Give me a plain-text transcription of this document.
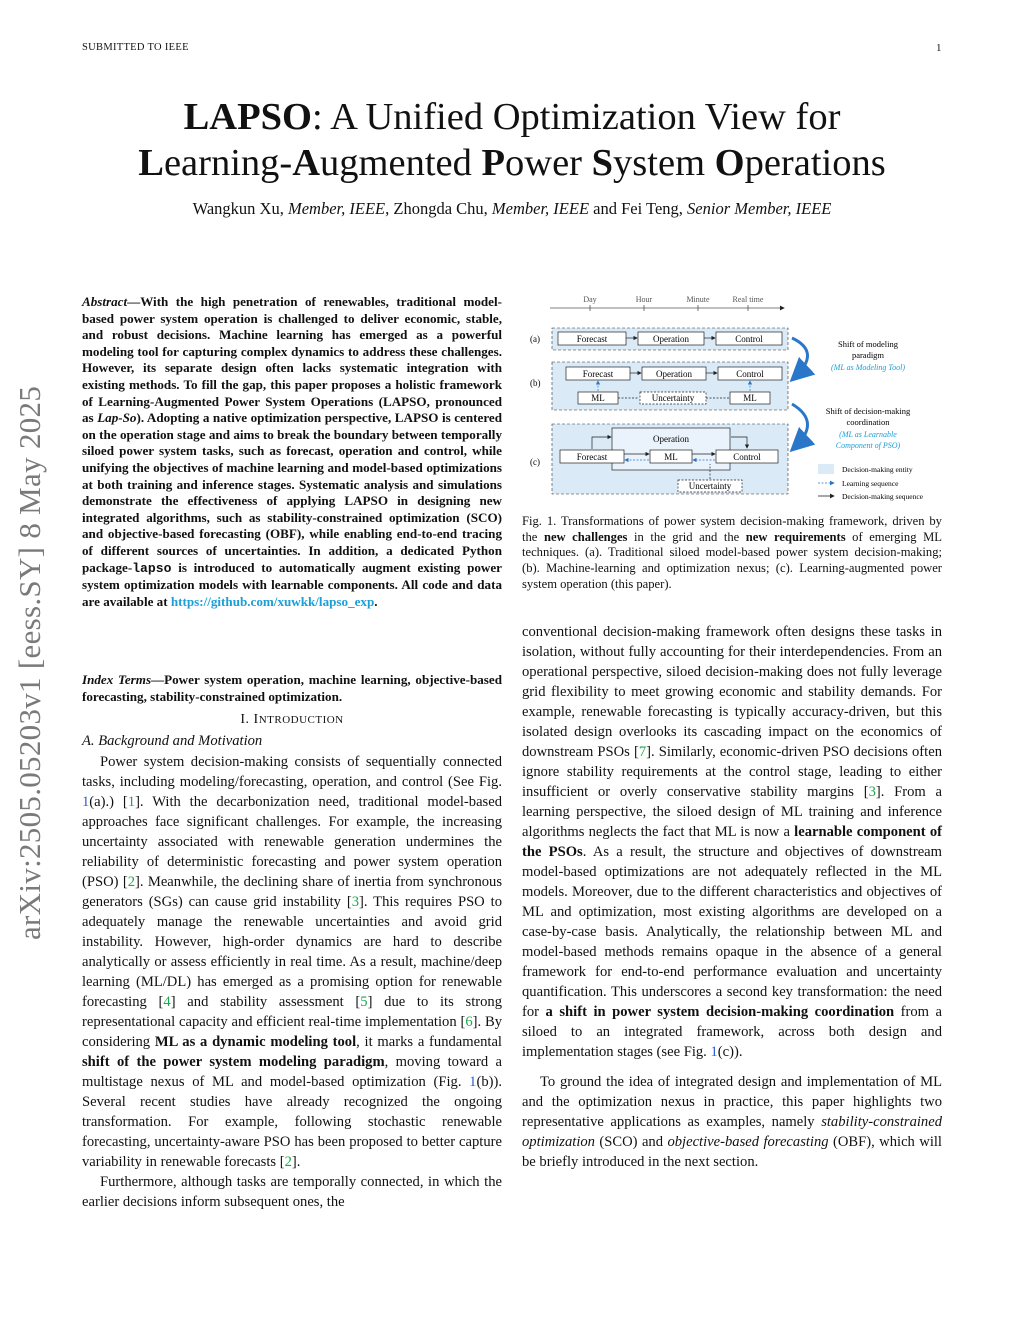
SUBMITTED TO IEEE	1
LAPSO: A Unified Optimization View for
Learning-Augmented Power System Operations
Wangkun Xu, Member, IEEE, Zhongda Chu, Member, IEEE and Fei Teng, Senior Member, IEEE
arXiv:2505.05203v1 [eess.SY] 8 May 2025
Abstract—With the high penetration of renewables, traditional model-based power system operation is challenged to deliver economic, stable, and robust decisions. Machine learning has emerged as a powerful modeling tool for capturing complex dynamics to address these challenges. However, its separate design often lacks systematic integration with existing methods. To fill the gap, this paper proposes a holistic framework of Learning-Augmented Power System Operations (LAPSO, pronounced as Lap-So). Adopting a native optimization perspective, LAPSO is centered on the operation stage and aims to break the boundary between temporally siloed power system tasks, such as forecast, operation and control, while unifying the objectives of machine learning and model-based optimizations at both training and inference stages. Systematic analysis and simulations demonstrate the effectiveness of applying LAPSO in designing new integrated algorithms, such as stability-constrained optimization (SCO) and objective-based forecasting (OBF), while enabling end-to-end tracing of different sources of uncertainties. In addition, a dedicated Python package-lapso is introduced to automatically augment existing power system optimization models with learnable components. All code and data are available at https://github.com/xuwkk/lapso_exp.
Index Terms—Power system operation, machine learning, objective-based forecasting, stability-constrained optimization.
I. INTRODUCTION
A. Background and Motivation

Power system decision-making consists of sequentially connected tasks, including modeling/forecasting, operation, and control (See Fig. 1(a).) [1]. With the decarbonization need, traditional model-based approaches face significant challenges. For example, the increasing uncertainty associated with renewable generation undermines the reliability of deterministic forecasting and power system operation (PSO) [2]. Meanwhile, the declining share of inertia from synchronous generators (SGs) can cause grid instability [3]. This requires PSO to adequately manage the renewable uncertainties and avoid grid instability. However, high-order dynamics are hard to describe analytically or assess efficiently in real time. As a result, machine/deep learning (ML/DL) has emerged as a promising option for renewable forecasting [4] and stability assessment [5] due to its strong representational capacity and efficient real-time implementation [6]. By considering ML as a dynamic modeling tool, it marks a fundamental shift of the power system modeling paradigm, moving toward a multistage nexus of ML and model-based optimization (Fig. 1(b)). Several recent studies have already recognized the ongoing transformation. For example, following stochastic renewable forecasting, uncertainty-aware PSO has been proposed to better capture variability in renewable forecasts [2].

Furthermore, although tasks are temporally connected, in which the earlier decisions inform subsequent ones, the

Day	Hour	Minute	Real time
(a)
(b)
(c)
Forecast	Operation	Control
Forecast	Operation	Control
ML	Uncertainty	ML
Operation
Forecast	ML	Control
Uncertainty
Shift of modeling
paradigm
(ML as Modeling Tool)
Shift of decision-making
coordination
(ML as Learnable
Component of PSO)
Decision-making entity
Learning sequence
Decision-making sequence
Fig. 1. Transformations of power system decision-making framework, driven by the new challenges in the grid and the new requirements of emerging ML techniques. (a). Traditional siloed model-based power system decision-making; (b). Machine-learning and optimization nexus; (c). Learning-augmented power system operation (this paper).

conventional decision-making framework often designs these tasks in isolation, without fully accounting for their interdependencies. From an operational perspective, siloed decision-making does not fully leverage grid flexibility to meet growing economic and stability demands. For example, renewable forecasting is typically accuracy-driven, but this isolated design overlooks its cascading impact on the economics of downstream PSOs [7]. Similarly, economic-driven PSO decisions often ignore stability requirements at the control stage, leading to either insufficient or overly conservative stability margins [3]. From a learning perspective, the siloed design of ML training and inference algorithms neglects the fact that ML is now a learnable component of the PSOs. As a result, the structure and objectives of downstream model-based optimizations are not adequately reflected in the ML models. Moreover, due to the different characteristics and objectives of ML and optimization, most existing algorithms are developed on a case-by-case basis. Analytically, the relationship between ML and model-based methods remains opaque in the absence of a general framework for end-to-end performance evaluation and uncertainty quantification. This underscores a second key transformation: the need for a shift in power system decision-making coordination from a siloed to an integrated framework, across both design and implementation stages (see Fig. 1(c)).

To ground the idea of integrated design and implementation of ML and the optimization nexus in practice, this paper highlights two representative applications as examples, namely stability-constrained optimization (SCO) and objective-based forecasting (OBF), which will be briefly introduced in the next section.
